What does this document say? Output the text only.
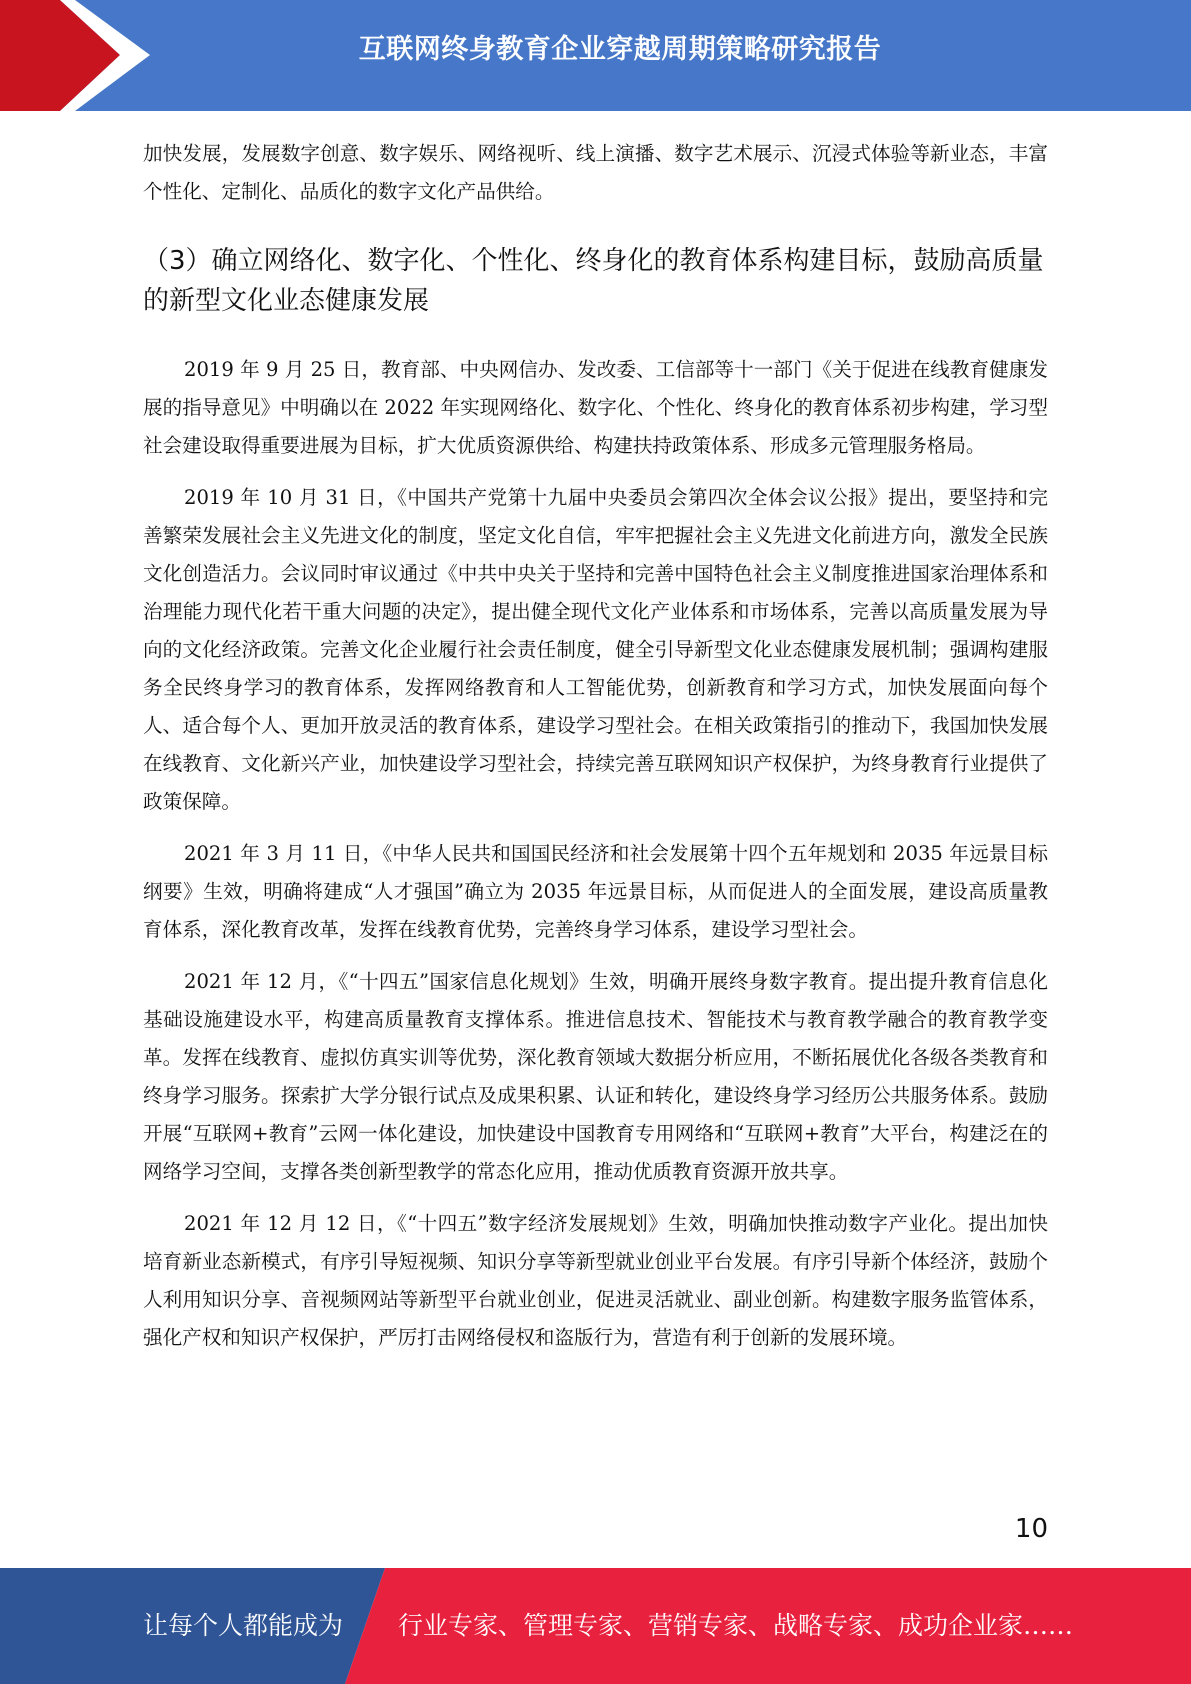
互联网终身教育企业穿越周期策略研究报告

加快发展，发展数字创意、数字娱乐、网络视听、线上演播、数字艺术展示、沉浸式体验等新业态，丰富个性化、定制化、品质化的数字文化产品供给。

（3）确立网络化、数字化、个性化、终身化的教育体系构建目标，鼓励高质量的新型文化业态健康发展

2019 年 9 月 25 日，教育部、中央网信办、发改委、工信部等十一部门《关于促进在线教育健康发展的指导意见》中明确以在 2022 年实现网络化、数字化、个性化、终身化的教育体系初步构建，学习型社会建设取得重要进展为目标，扩大优质资源供给、构建扶持政策体系、形成多元管理服务格局。

2019 年 10 月 31 日，《中国共产党第十九届中央委员会第四次全体会议公报》提出，要坚持和完善繁荣发展社会主义先进文化的制度，坚定文化自信，牢牢把握社会主义先进文化前进方向，激发全民族文化创造活力。会议同时审议通过《中共中央关于坚持和完善中国特色社会主义制度推进国家治理体系和治理能力现代化若干重大问题的决定》，提出健全现代文化产业体系和市场体系，完善以高质量发展为导向的文化经济政策。完善文化企业履行社会责任制度，健全引导新型文化业态健康发展机制；强调构建服务全民终身学习的教育体系，发挥网络教育和人工智能优势，创新教育和学习方式，加快发展面向每个人、适合每个人、更加开放灵活的教育体系，建设学习型社会。在相关政策指引的推动下，我国加快发展在线教育、文化新兴产业，加快建设学习型社会，持续完善互联网知识产权保护，为终身教育行业提供了政策保障。

2021 年 3 月 11 日，《中华人民共和国国民经济和社会发展第十四个五年规划和 2035 年远景目标纲要》生效，明确将建成“人才强国”确立为 2035 年远景目标，从而促进人的全面发展，建设高质量教育体系，深化教育改革，发挥在线教育优势，完善终身学习体系，建设学习型社会。

2021 年 12 月，《“十四五”国家信息化规划》生效，明确开展终身数字教育。提出提升教育信息化基础设施建设水平，构建高质量教育支撑体系。推进信息技术、智能技术与教育教学融合的教育教学变革。发挥在线教育、虚拟仿真实训等优势，深化教育领域大数据分析应用，不断拓展优化各级各类教育和终身学习服务。探索扩大学分银行试点及成果积累、认证和转化，建设终身学习经历公共服务体系。鼓励开展“互联网+教育”云网一体化建设，加快建设中国教育专用网络和“互联网+教育”大平台，构建泛在的网络学习空间，支撑各类创新型教学的常态化应用，推动优质教育资源开放共享。

2021 年 12 月 12 日，《“十四五”数字经济发展规划》生效，明确加快推动数字产业化。提出加快培育新业态新模式，有序引导短视频、知识分享等新型就业创业平台发展。有序引导新个体经济，鼓励个人利用知识分享、音视频网站等新型平台就业创业，促进灵活就业、副业创新。构建数字服务监管体系，强化产权和知识产权保护，严厉打击网络侵权和盗版行为，营造有利于创新的发展环境。

10
让每个人都能成为 行业专家、管理专家、营销专家、战略专家、成功企业家……
